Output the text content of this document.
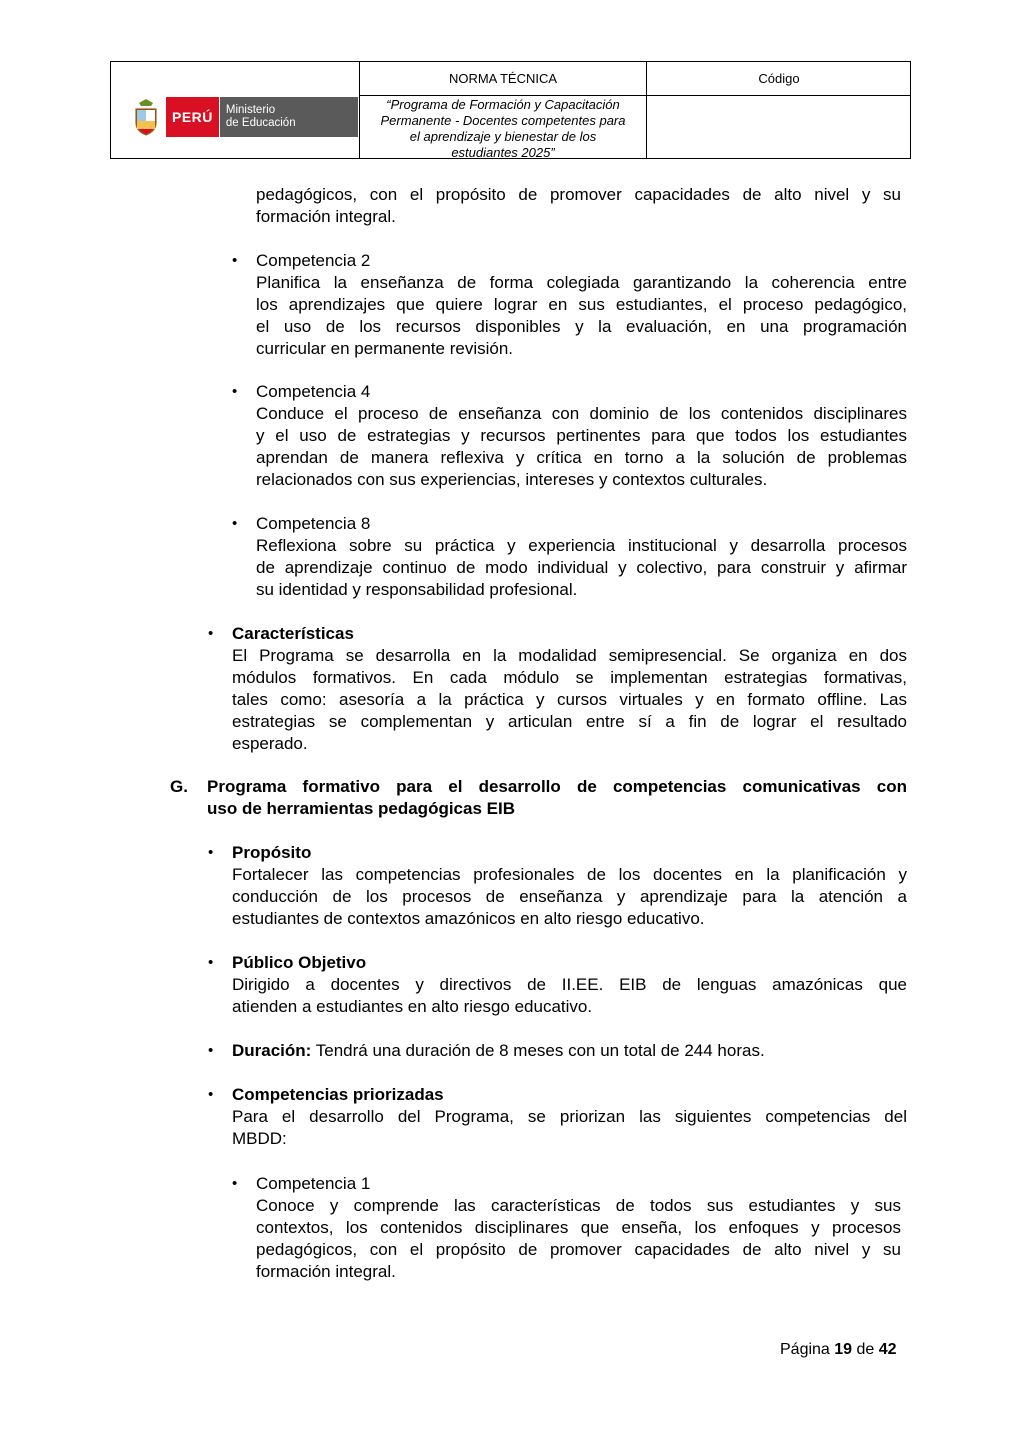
PERÚ	Ministerio
de Educación
NORMA TÉCNICA	Código
“Programa de Formación y Capacitación
Permanente - Docentes competentes para
el aprendizaje y bienestar de los
estudiantes 2025”
pedagógicos, con el propósito de promover capacidades de alto nivel y su
formación integral.
• Competencia 2
Planifica la enseñanza de forma colegiada garantizando la coherencia entre
los aprendizajes que quiere lograr en sus estudiantes, el proceso pedagógico,
el uso de los recursos disponibles y la evaluación, en una programación
curricular en permanente revisión.
• Competencia 4
Conduce el proceso de enseñanza con dominio de los contenidos disciplinares
y el uso de estrategias y recursos pertinentes para que todos los estudiantes
aprendan de manera reflexiva y crítica en torno a la solución de problemas
relacionados con sus experiencias, intereses y contextos culturales.
• Competencia 8
Reflexiona sobre su práctica y experiencia institucional y desarrolla procesos
de aprendizaje continuo de modo individual y colectivo, para construir y afirmar
su identidad y responsabilidad profesional.
• Características
El Programa se desarrolla en la modalidad semipresencial. Se organiza en dos
módulos formativos. En cada módulo se implementan estrategias formativas,
tales como: asesoría a la práctica y cursos virtuales y en formato offline. Las
estrategias se complementan y articulan entre sí a fin de lograr el resultado
esperado.
G. Programa formativo para el desarrollo de competencias comunicativas con
uso de herramientas pedagógicas EIB
• Propósito
Fortalecer las competencias profesionales de los docentes en la planificación y
conducción de los procesos de enseñanza y aprendizaje para la atención a
estudiantes de contextos amazónicos en alto riesgo educativo.
• Público Objetivo
Dirigido a docentes y directivos de II.EE. EIB de lenguas amazónicas que
atienden a estudiantes en alto riesgo educativo.
• Duración: Tendrá una duración de 8 meses con un total de 244 horas.
• Competencias priorizadas
Para el desarrollo del Programa, se priorizan las siguientes competencias del
MBDD:
• Competencia 1
Conoce y comprende las características de todos sus estudiantes y sus
contextos, los contenidos disciplinares que enseña, los enfoques y procesos
pedagógicos, con el propósito de promover capacidades de alto nivel y su
formación integral.
Página 19 de 42
